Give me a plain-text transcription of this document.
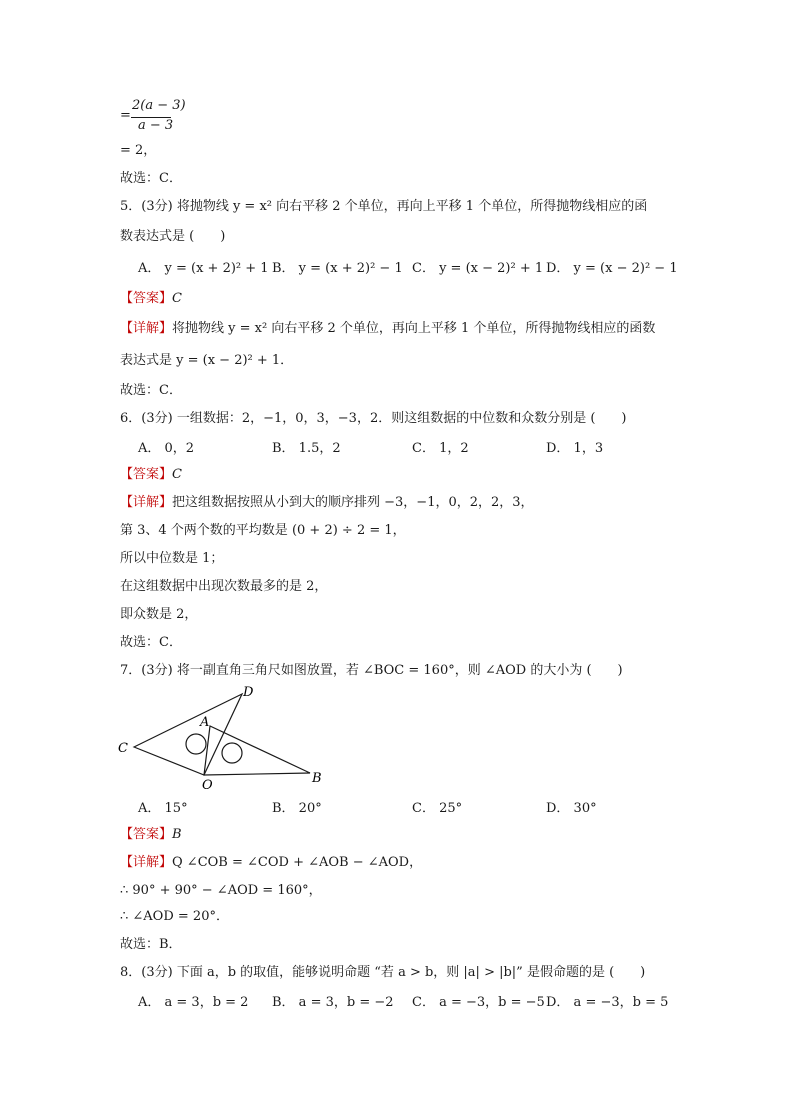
=
2(a − 3)
a − 3
= 2，
故选：C．
5．(3分) 将抛物线 y = x² 向右平移 2 个单位，再向上平移 1 个单位，所得抛物线相应的函
数表达式是 (　　)
A． y = (x + 2)² + 1 B． y = (x + 2)² − 1 C． y = (x − 2)² + 1 D． y = (x − 2)² − 1
【答案】C
【详解】将抛物线 y = x² 向右平移 2 个单位，再向上平移 1 个单位，所得抛物线相应的函数
表达式是 y = (x − 2)² + 1．
故选：C．
6．(3分) 一组数据：2，−1，0，3，−3，2．则这组数据的中位数和众数分别是 (　　)
A． 0，2	B． 1.5，2	C． 1，2	D． 1，3
【答案】C
【详解】把这组数据按照从小到大的顺序排列 −3，−1，0，2，2，3，
第 3、4 个两个数的平均数是 (0 + 2) ÷ 2 = 1，
所以中位数是 1；
在这组数据中出现次数最多的是 2，
即众数是 2，
故选：C．
7．(3分) 将一副直角三角尺如图放置，若 ∠BOC = 160°，则 ∠AOD 的大小为 (　　)
D
A
C
O	B
A． 15°	B． 20°	C． 25°	D． 30°
【答案】B
【详解】Q ∠COB = ∠COD + ∠AOB − ∠AOD，
∴ 90° + 90° − ∠AOD = 160°，
∴ ∠AOD = 20°．
故选：B．
8．(3分) 下面 a，b 的取值，能够说明命题 “若 a > b，则 |a| > |b|” 是假命题的是 (　　)
A． a = 3，b = 2 B． a = 3，b = −2 C． a = −3，b = −5 D． a = −3，b = 5
